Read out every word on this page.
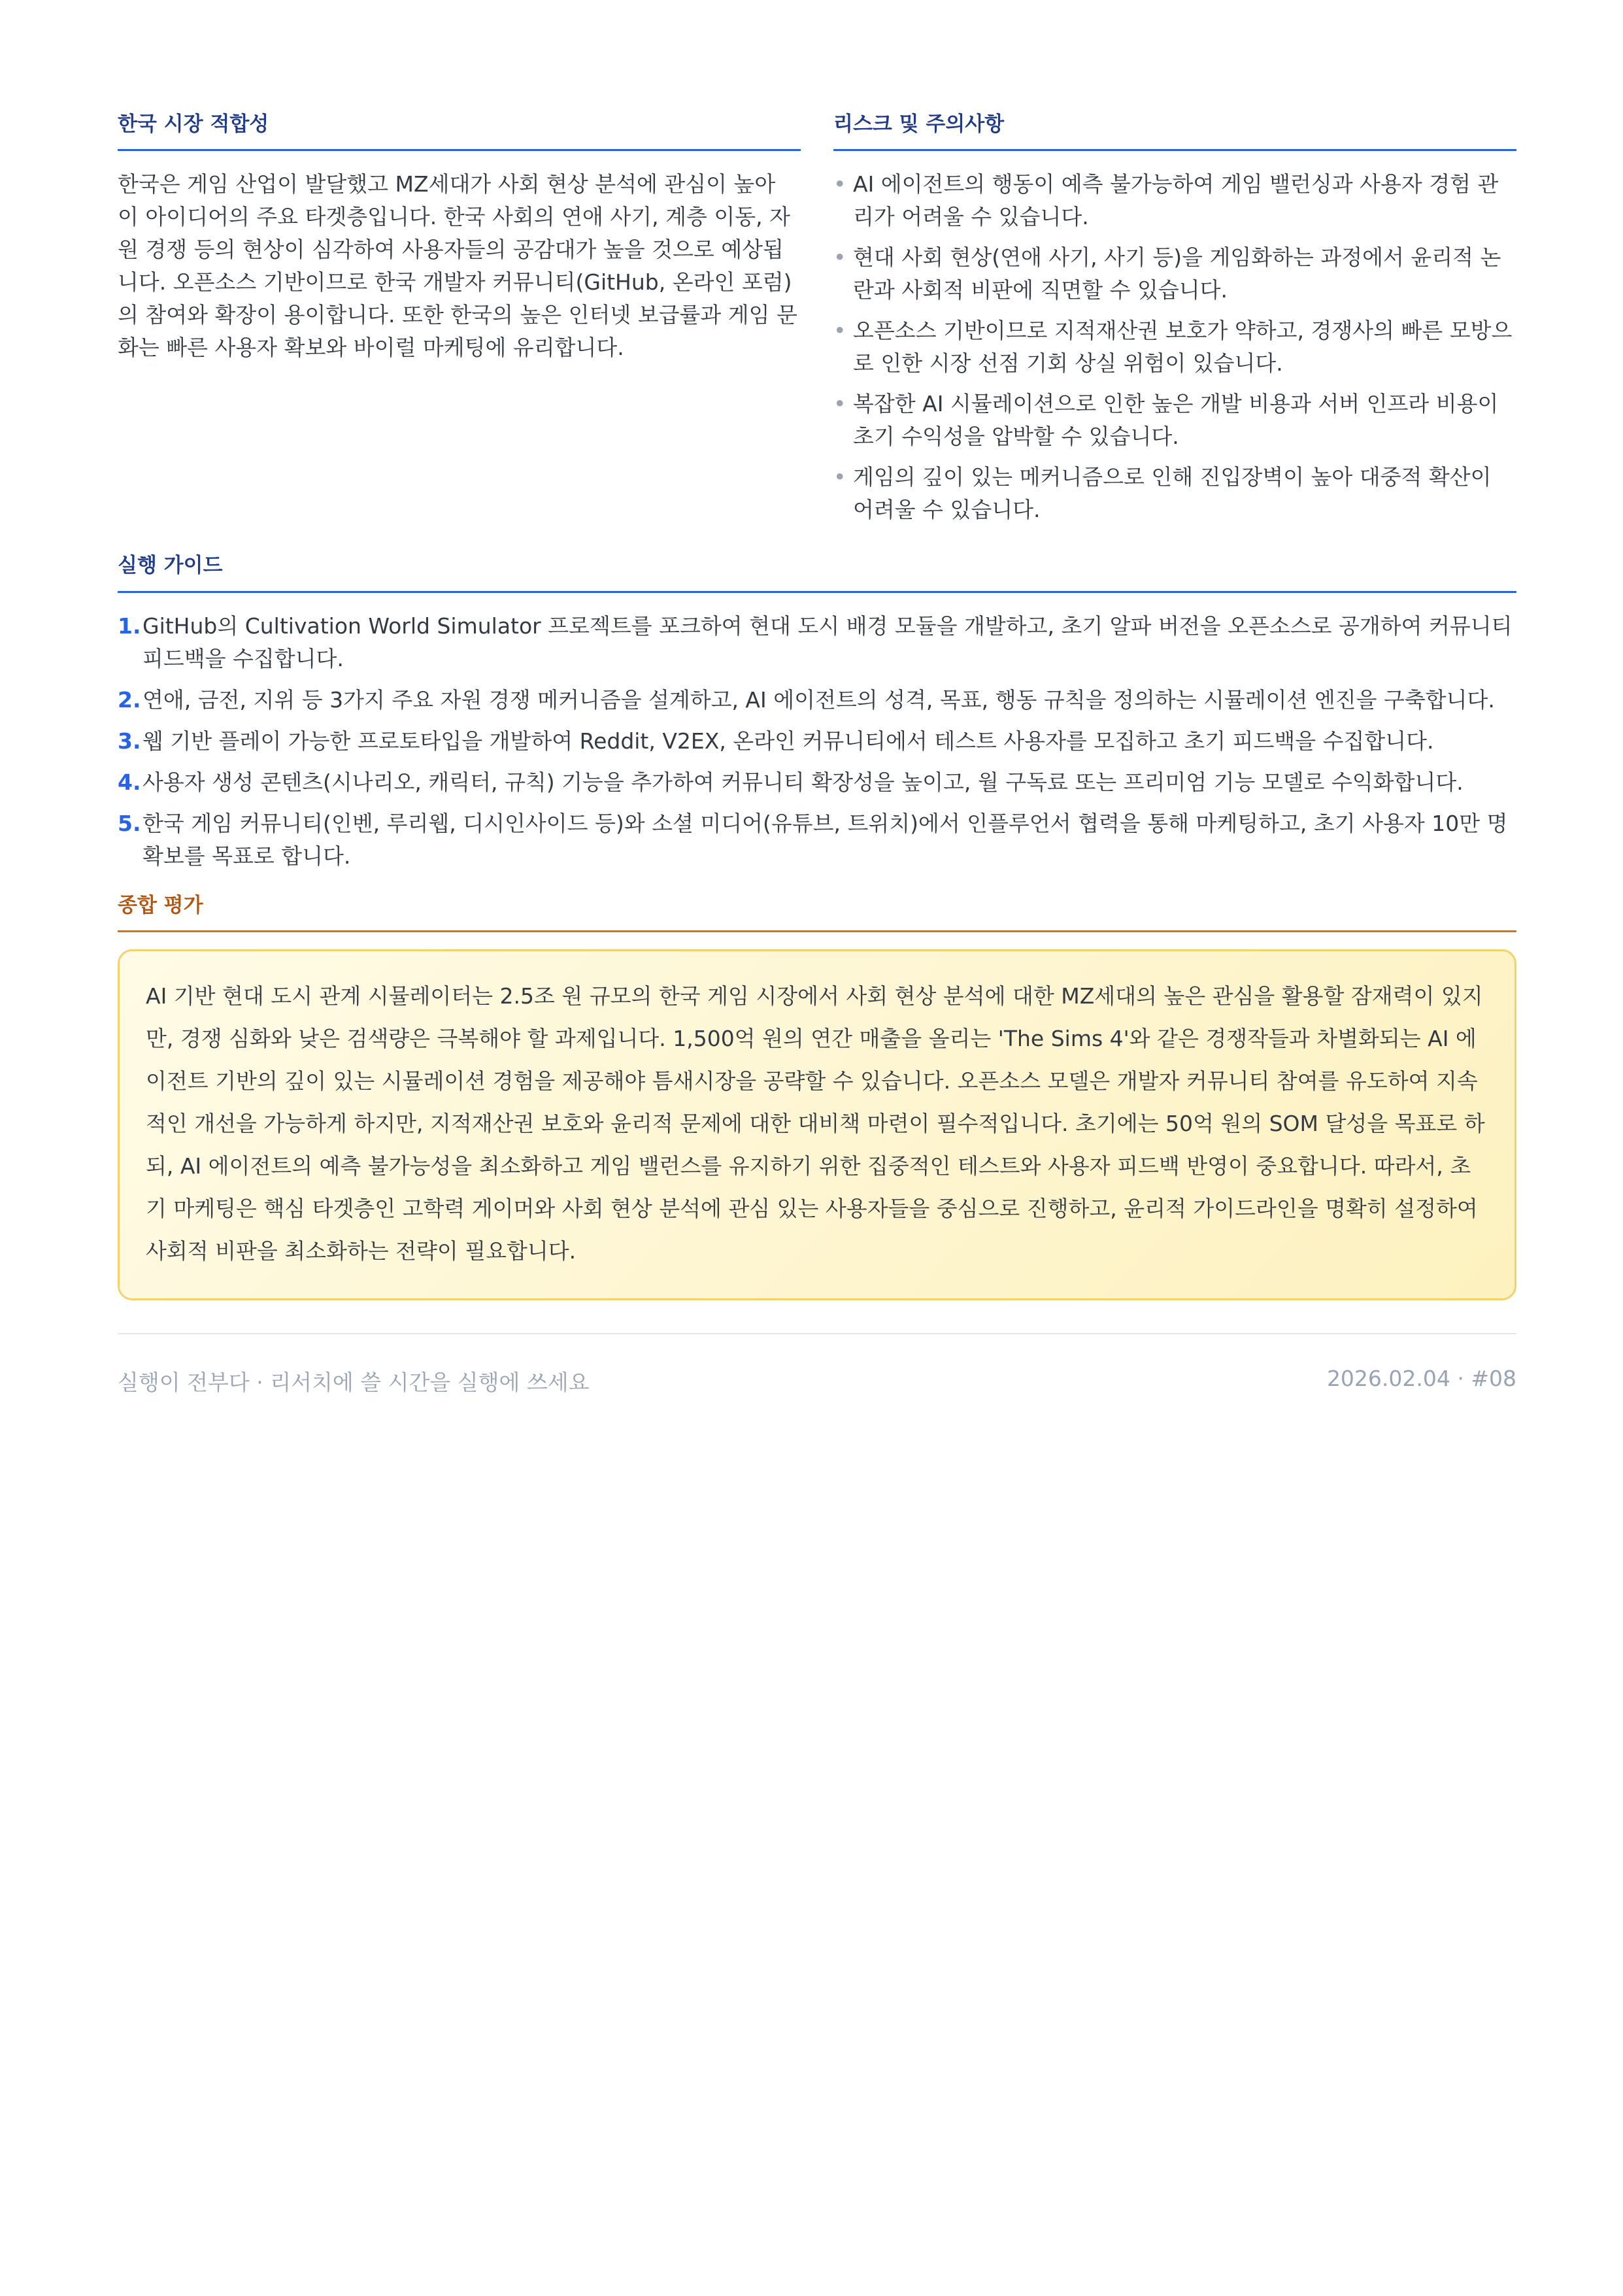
한국 시장 적합성

한국은 게임 산업이 발달했고 MZ세대가 사회 현상 분석에 관심이 높아 이 아이디어의 주요 타겟층입니다. 한국 사회의 연애 사기, 계층 이동, 자원 경쟁 등의 현상이 심각하여 사용자들의 공감대가 높을 것으로 예상됩니다. 오픈소스 기반이므로 한국 개발자 커뮤니티(GitHub, 온라인 포럼)의 참여와 확장이 용이합니다. 또한 한국의 높은 인터넷 보급률과 게임 문화는 빠른 사용자 확보와 바이럴 마케팅에 유리합니다.

리스크 및 주의사항
• AI 에이전트의 행동이 예측 불가능하여 게임 밸런싱과 사용자 경험 관리가 어려울 수 있습니다.
• 현대 사회 현상(연애 사기, 사기 등)을 게임화하는 과정에서 윤리적 논란과 사회적 비판에 직면할 수 있습니다.
• 오픈소스 기반이므로 지적재산권 보호가 약하고, 경쟁사의 빠른 모방으로 인한 시장 선점 기회 상실 위험이 있습니다.
• 복잡한 AI 시뮬레이션으로 인한 높은 개발 비용과 서버 인프라 비용이 초기 수익성을 압박할 수 있습니다.
• 게임의 깊이 있는 메커니즘으로 인해 진입장벽이 높아 대중적 확산이 어려울 수 있습니다.
실행 가이드
1. GitHub의 Cultivation World Simulator 프로젝트를 포크하여 현대 도시 배경 모듈을 개발하고, 초기 알파 버전을 오픈소스로 공개하여 커뮤니티 피드백을 수집합니다.
2. 연애, 금전, 지위 등 3가지 주요 자원 경쟁 메커니즘을 설계하고, AI 에이전트의 성격, 목표, 행동 규칙을 정의하는 시뮬레이션 엔진을 구축합니다.
3. 웹 기반 플레이 가능한 프로토타입을 개발하여 Reddit, V2EX, 온라인 커뮤니티에서 테스트 사용자를 모집하고 초기 피드백을 수집합니다.
4. 사용자 생성 콘텐츠(시나리오, 캐릭터, 규칙) 기능을 추가하여 커뮤니티 확장성을 높이고, 월 구독료 또는 프리미엄 기능 모델로 수익화합니다.
5. 한국 게임 커뮤니티(인벤, 루리웹, 디시인사이드 등)와 소셜 미디어(유튜브, 트위치)에서 인플루언서 협력을 통해 마케팅하고, 초기 사용자 10만 명 확보를 목표로 합니다.
종합 평가
AI 기반 현대 도시 관계 시뮬레이터는 2.5조 원 규모의 한국 게임 시장에서 사회 현상 분석에 대한 MZ세대의 높은 관심을 활용할 잠재력이 있지만, 경쟁 심화와 낮은 검색량은 극복해야 할 과제입니다. 1,500억 원의 연간 매출을 올리는 'The Sims 4'와 같은 경쟁작들과 차별화되는 AI 에이전트 기반의 깊이 있는 시뮬레이션 경험을 제공해야 틈새시장을 공략할 수 있습니다. 오픈소스 모델은 개발자 커뮤니티 참여를 유도하여 지속적인 개선을 가능하게 하지만, 지적재산권 보호와 윤리적 문제에 대한 대비책 마련이 필수적입니다. 초기에는 50억 원의 SOM 달성을 목표로 하되, AI 에이전트의 예측 불가능성을 최소화하고 게임 밸런스를 유지하기 위한 집중적인 테스트와 사용자 피드백 반영이 중요합니다. 따라서, 초기 마케팅은 핵심 타겟층인 고학력 게이머와 사회 현상 분석에 관심 있는 사용자들을 중심으로 진행하고, 윤리적 가이드라인을 명확히 설정하여 사회적 비판을 최소화하는 전략이 필요합니다.
실행이 전부다 · 리서치에 쓸 시간을 실행에 쓰세요	2026.02.04 · #08
